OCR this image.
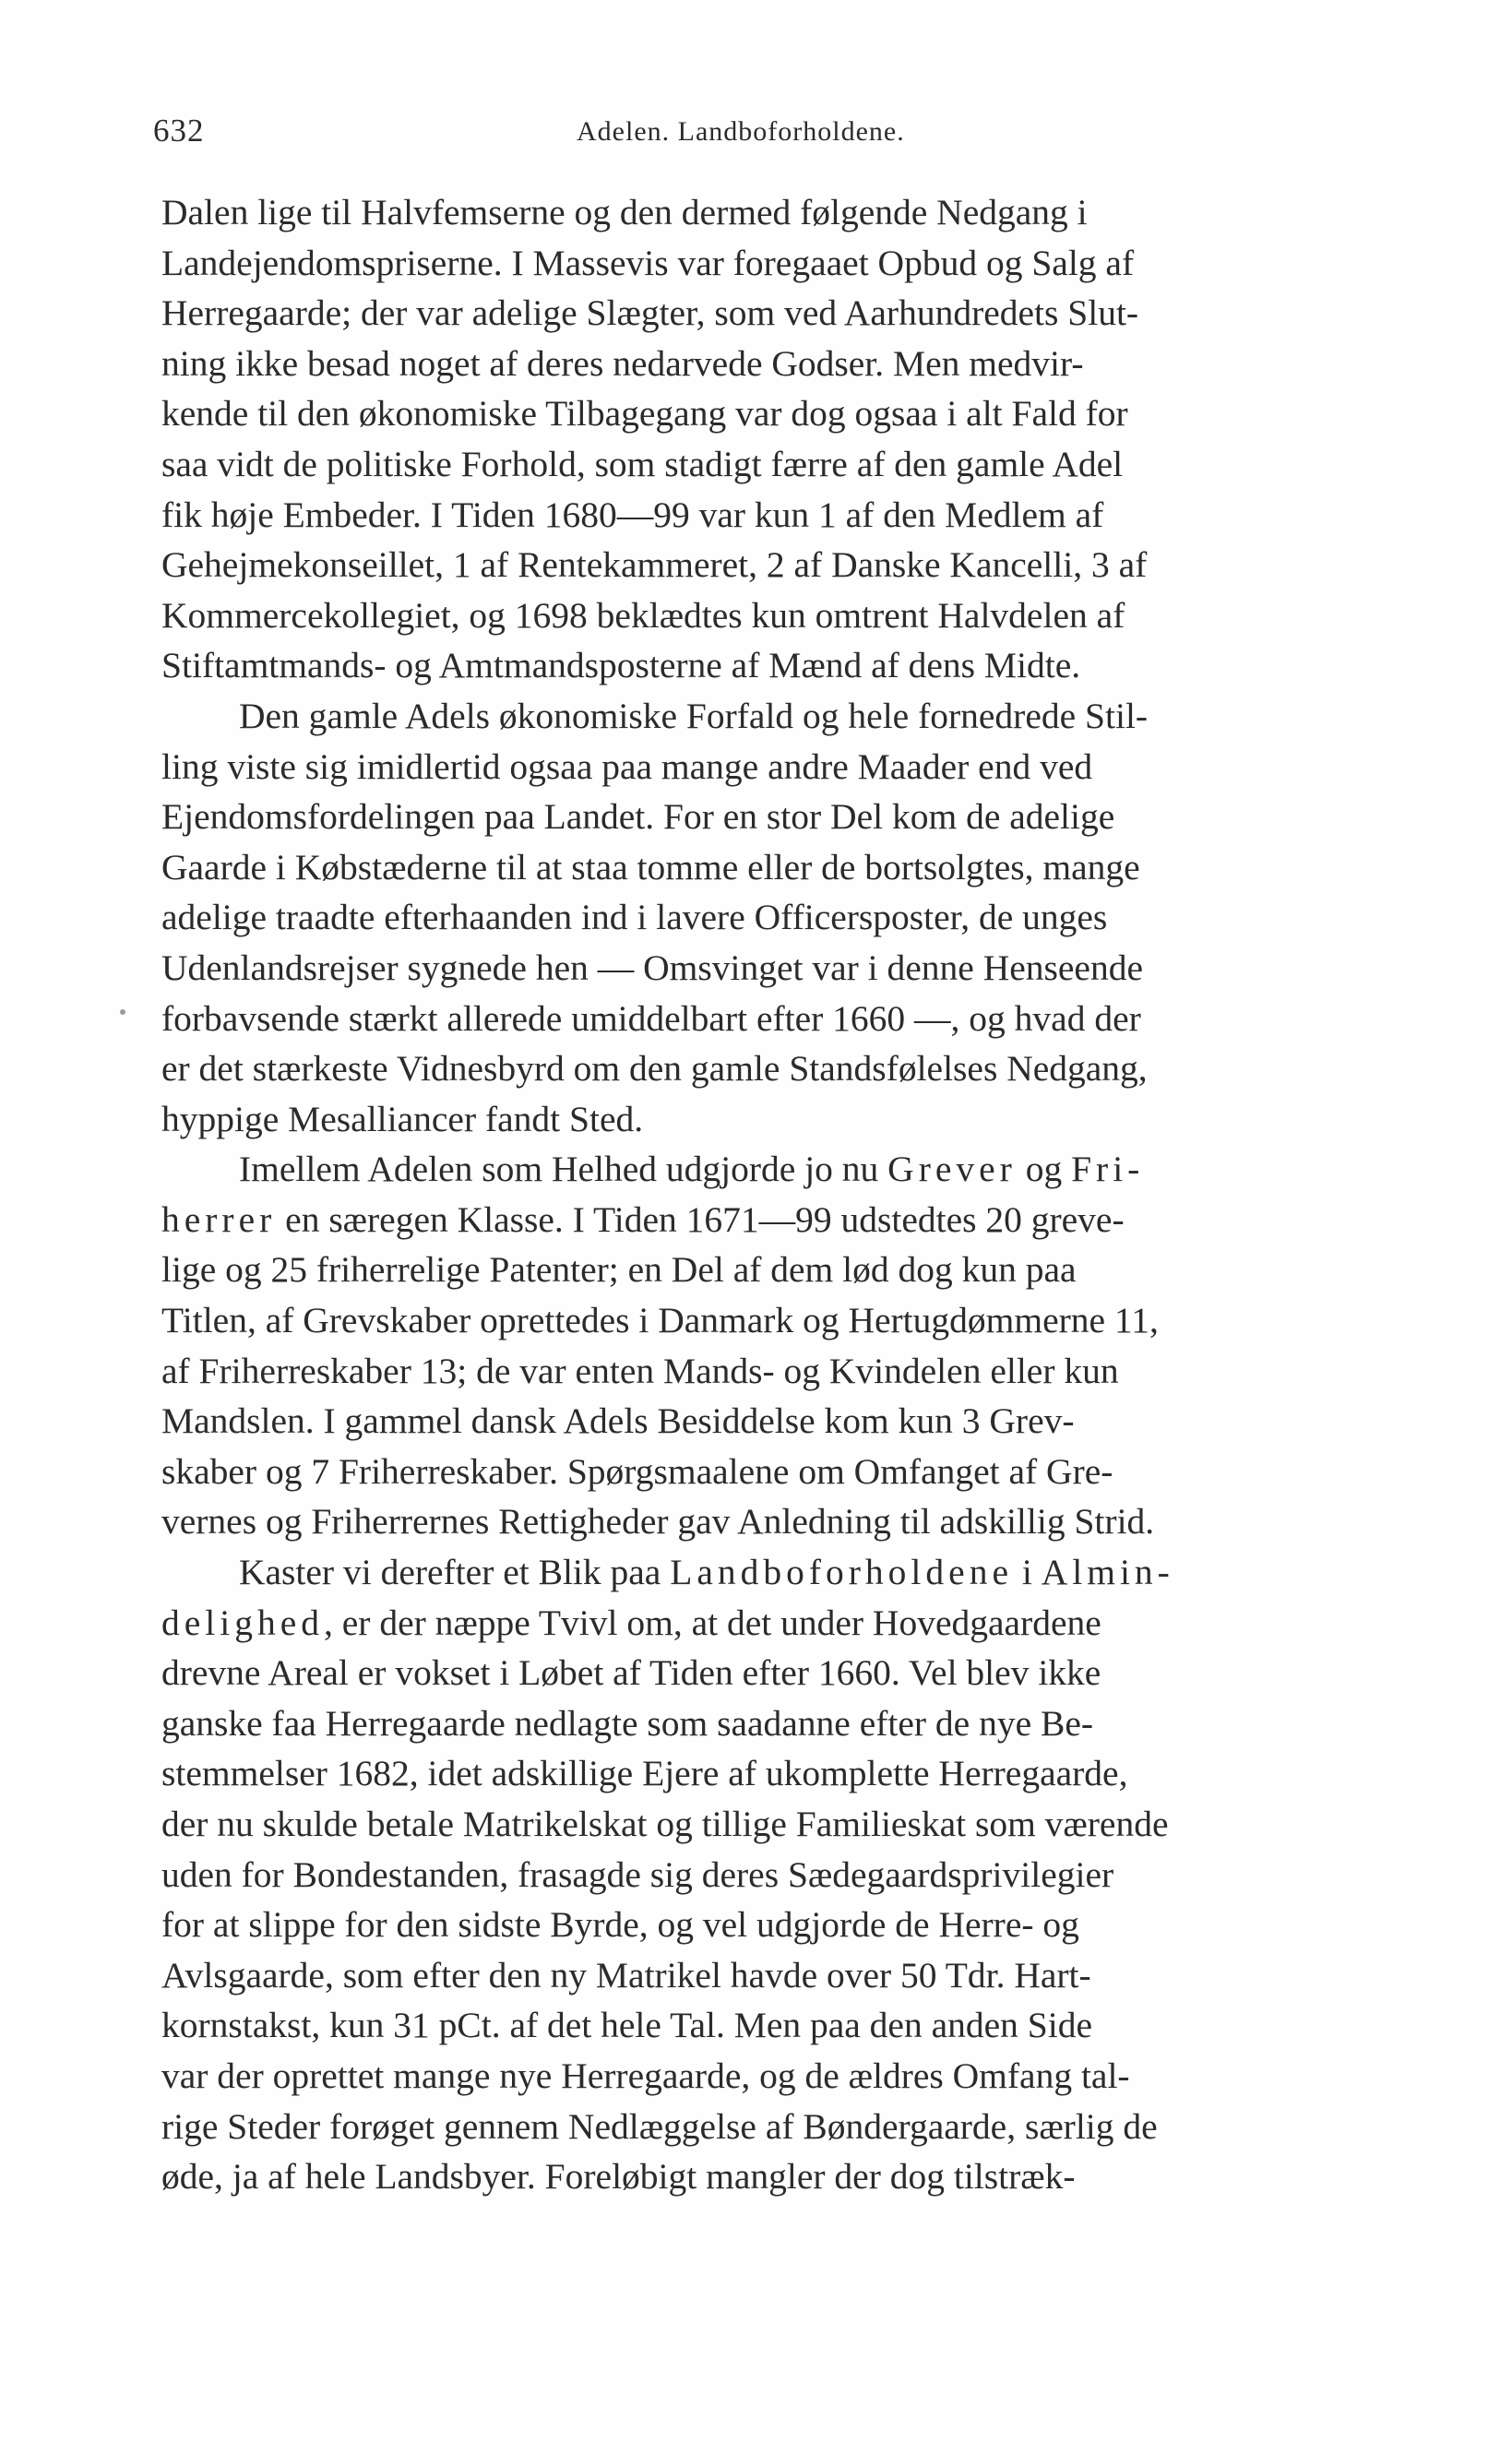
632	Adelen. Landboforholdene.
Dalen lige til Halvfemserne og den dermed følgende Nedgang i
Landejendomspriserne. I Massevis var foregaaet Opbud og Salg af
Herregaarde; der var adelige Slægter, som ved Aarhundredets Slut-
ning ikke besad noget af deres nedarvede Godser. Men medvir-
kende til den økonomiske Tilbagegang var dog ogsaa i alt Fald for
saa vidt de politiske Forhold, som stadigt færre af den gamle Adel
fik høje Embeder. I Tiden 1680—99 var kun 1 af den Medlem af
Gehejmekonseillet, 1 af Rentekammeret, 2 af Danske Kancelli, 3 af
Kommercekollegiet, og 1698 beklædtes kun omtrent Halvdelen af
Stiftamtmands- og Amtmandsposterne af Mænd af dens Midte.
Den gamle Adels økonomiske Forfald og hele fornedrede Stil-
ling viste sig imidlertid ogsaa paa mange andre Maader end ved
Ejendomsfordelingen paa Landet. For en stor Del kom de adelige
Gaarde i Købstæderne til at staa tomme eller de bortsolgtes, mange
adelige traadte efterhaanden ind i lavere Officersposter, de unges
Udenlandsrejser sygnede hen — Omsvinget var i denne Henseende
forbavsende stærkt allerede umiddelbart efter 1660 —, og hvad der
er det stærkeste Vidnesbyrd om den gamle Standsfølelses Nedgang,
hyppige Mesalliancer fandt Sted.
Imellem Adelen som Helhed udgjorde jo nu Grever og Fri-
herrer en særegen Klasse. I Tiden 1671—99 udstedtes 20 greve-
lige og 25 friherrelige Patenter; en Del af dem lød dog kun paa
Titlen, af Grevskaber oprettedes i Danmark og Hertugdømmerne 11,
af Friherreskaber 13; de var enten Mands- og Kvindelen eller kun
Mandslen. I gammel dansk Adels Besiddelse kom kun 3 Grev-
skaber og 7 Friherreskaber. Spørgsmaalene om Omfanget af Gre-
vernes og Friherrernes Rettigheder gav Anledning til adskillig Strid.
Kaster vi derefter et Blik paa Landboforholdene i Almin-
delighed, er der næppe Tvivl om, at det under Hovedgaardene
drevne Areal er vokset i Løbet af Tiden efter 1660. Vel blev ikke
ganske faa Herregaarde nedlagte som saadanne efter de nye Be-
stemmelser 1682, idet adskillige Ejere af ukomplette Herregaarde,
der nu skulde betale Matrikelskat og tillige Familieskat som værende
uden for Bondestanden, frasagde sig deres Sædegaardsprivilegier
for at slippe for den sidste Byrde, og vel udgjorde de Herre- og
Avlsgaarde, som efter den ny Matrikel havde over 50 Tdr. Hart-
kornstakst, kun 31 pCt. af det hele Tal. Men paa den anden Side
var der oprettet mange nye Herregaarde, og de ældres Omfang tal-
rige Steder forøget gennem Nedlæggelse af Bøndergaarde, særlig de
øde, ja af hele Landsbyer. Foreløbigt mangler der dog tilstræk-
